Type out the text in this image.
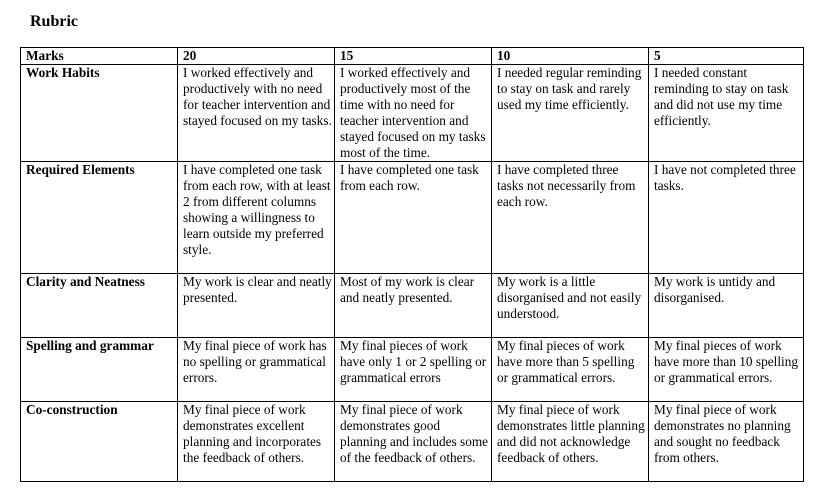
Rubric
Marks	20	15	10	5
Work Habits	I worked effectively and productively with no need for teacher intervention and stayed focused on my tasks.	I worked effectively and productively most of the time with no need for teacher intervention and stayed focused on my tasks most of the time.	I needed regular reminding to stay on task and rarely used my time efficiently.	I needed constant reminding to stay on task and did not use my time efficiently.
Required Elements	I have completed one task from each row, with at least 2 from different columns showing a willingness to learn outside my preferred style.	I have completed one task from each row.	I have completed three tasks not necessarily from each row.	I have not completed three tasks.
Clarity and Neatness	My work is clear and neatly presented.	Most of my work is clear and neatly presented.	My work is a little disorganised and not easily understood.	My work is untidy and disorganised.
Spelling and grammar	My final piece of work has no spelling or grammatical errors.	My final pieces of work have only 1 or 2 spelling or grammatical errors	My final pieces of work have more than 5 spelling or grammatical errors.	My final pieces of work have more than 10 spelling or grammatical errors.
Co-construction	My final piece of work demonstrates excellent planning and incorporates the feedback of others.	My final piece of work demonstrates good planning and includes some of the feedback of others.	My final piece of work demonstrates little planning and did not acknowledge feedback of others.	My final piece of work demonstrates no planning and sought no feedback from others.
